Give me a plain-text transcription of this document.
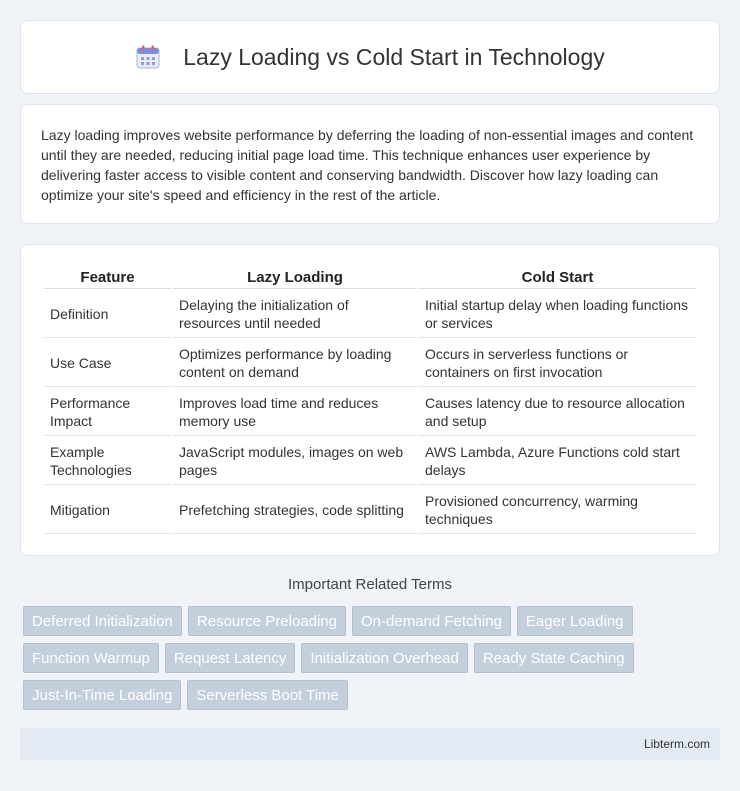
Lazy Loading vs Cold Start in Technology

Lazy loading improves website performance by deferring the loading of non-essential images and content until they are needed, reducing initial page load time. This technique enhances user experience by delivering faster access to visible content and conserving bandwidth. Discover how lazy loading can optimize your site's speed and efficiency in the rest of the article.

Feature	Lazy Loading	Cold Start
Definition	Delaying the initialization of resources until needed	Initial startup delay when loading functions or services
Use Case	Optimizes performance by loading content on demand	Occurs in serverless functions or containers on first invocation
Performance Impact	Improves load time and reduces memory use	Causes latency due to resource allocation and setup
Example Technologies	JavaScript modules, images on web pages	AWS Lambda, Azure Functions cold start delays
Mitigation	Prefetching strategies, code splitting	Provisioned concurrency, warming techniques
Important Related Terms
Deferred Initialization	Resource Preloading	On-demand Fetching	Eager Loading
Function Warmup	Request Latency	Initialization Overhead	Ready State Caching
Just-In-Time Loading	Serverless Boot Time
Libterm.com
